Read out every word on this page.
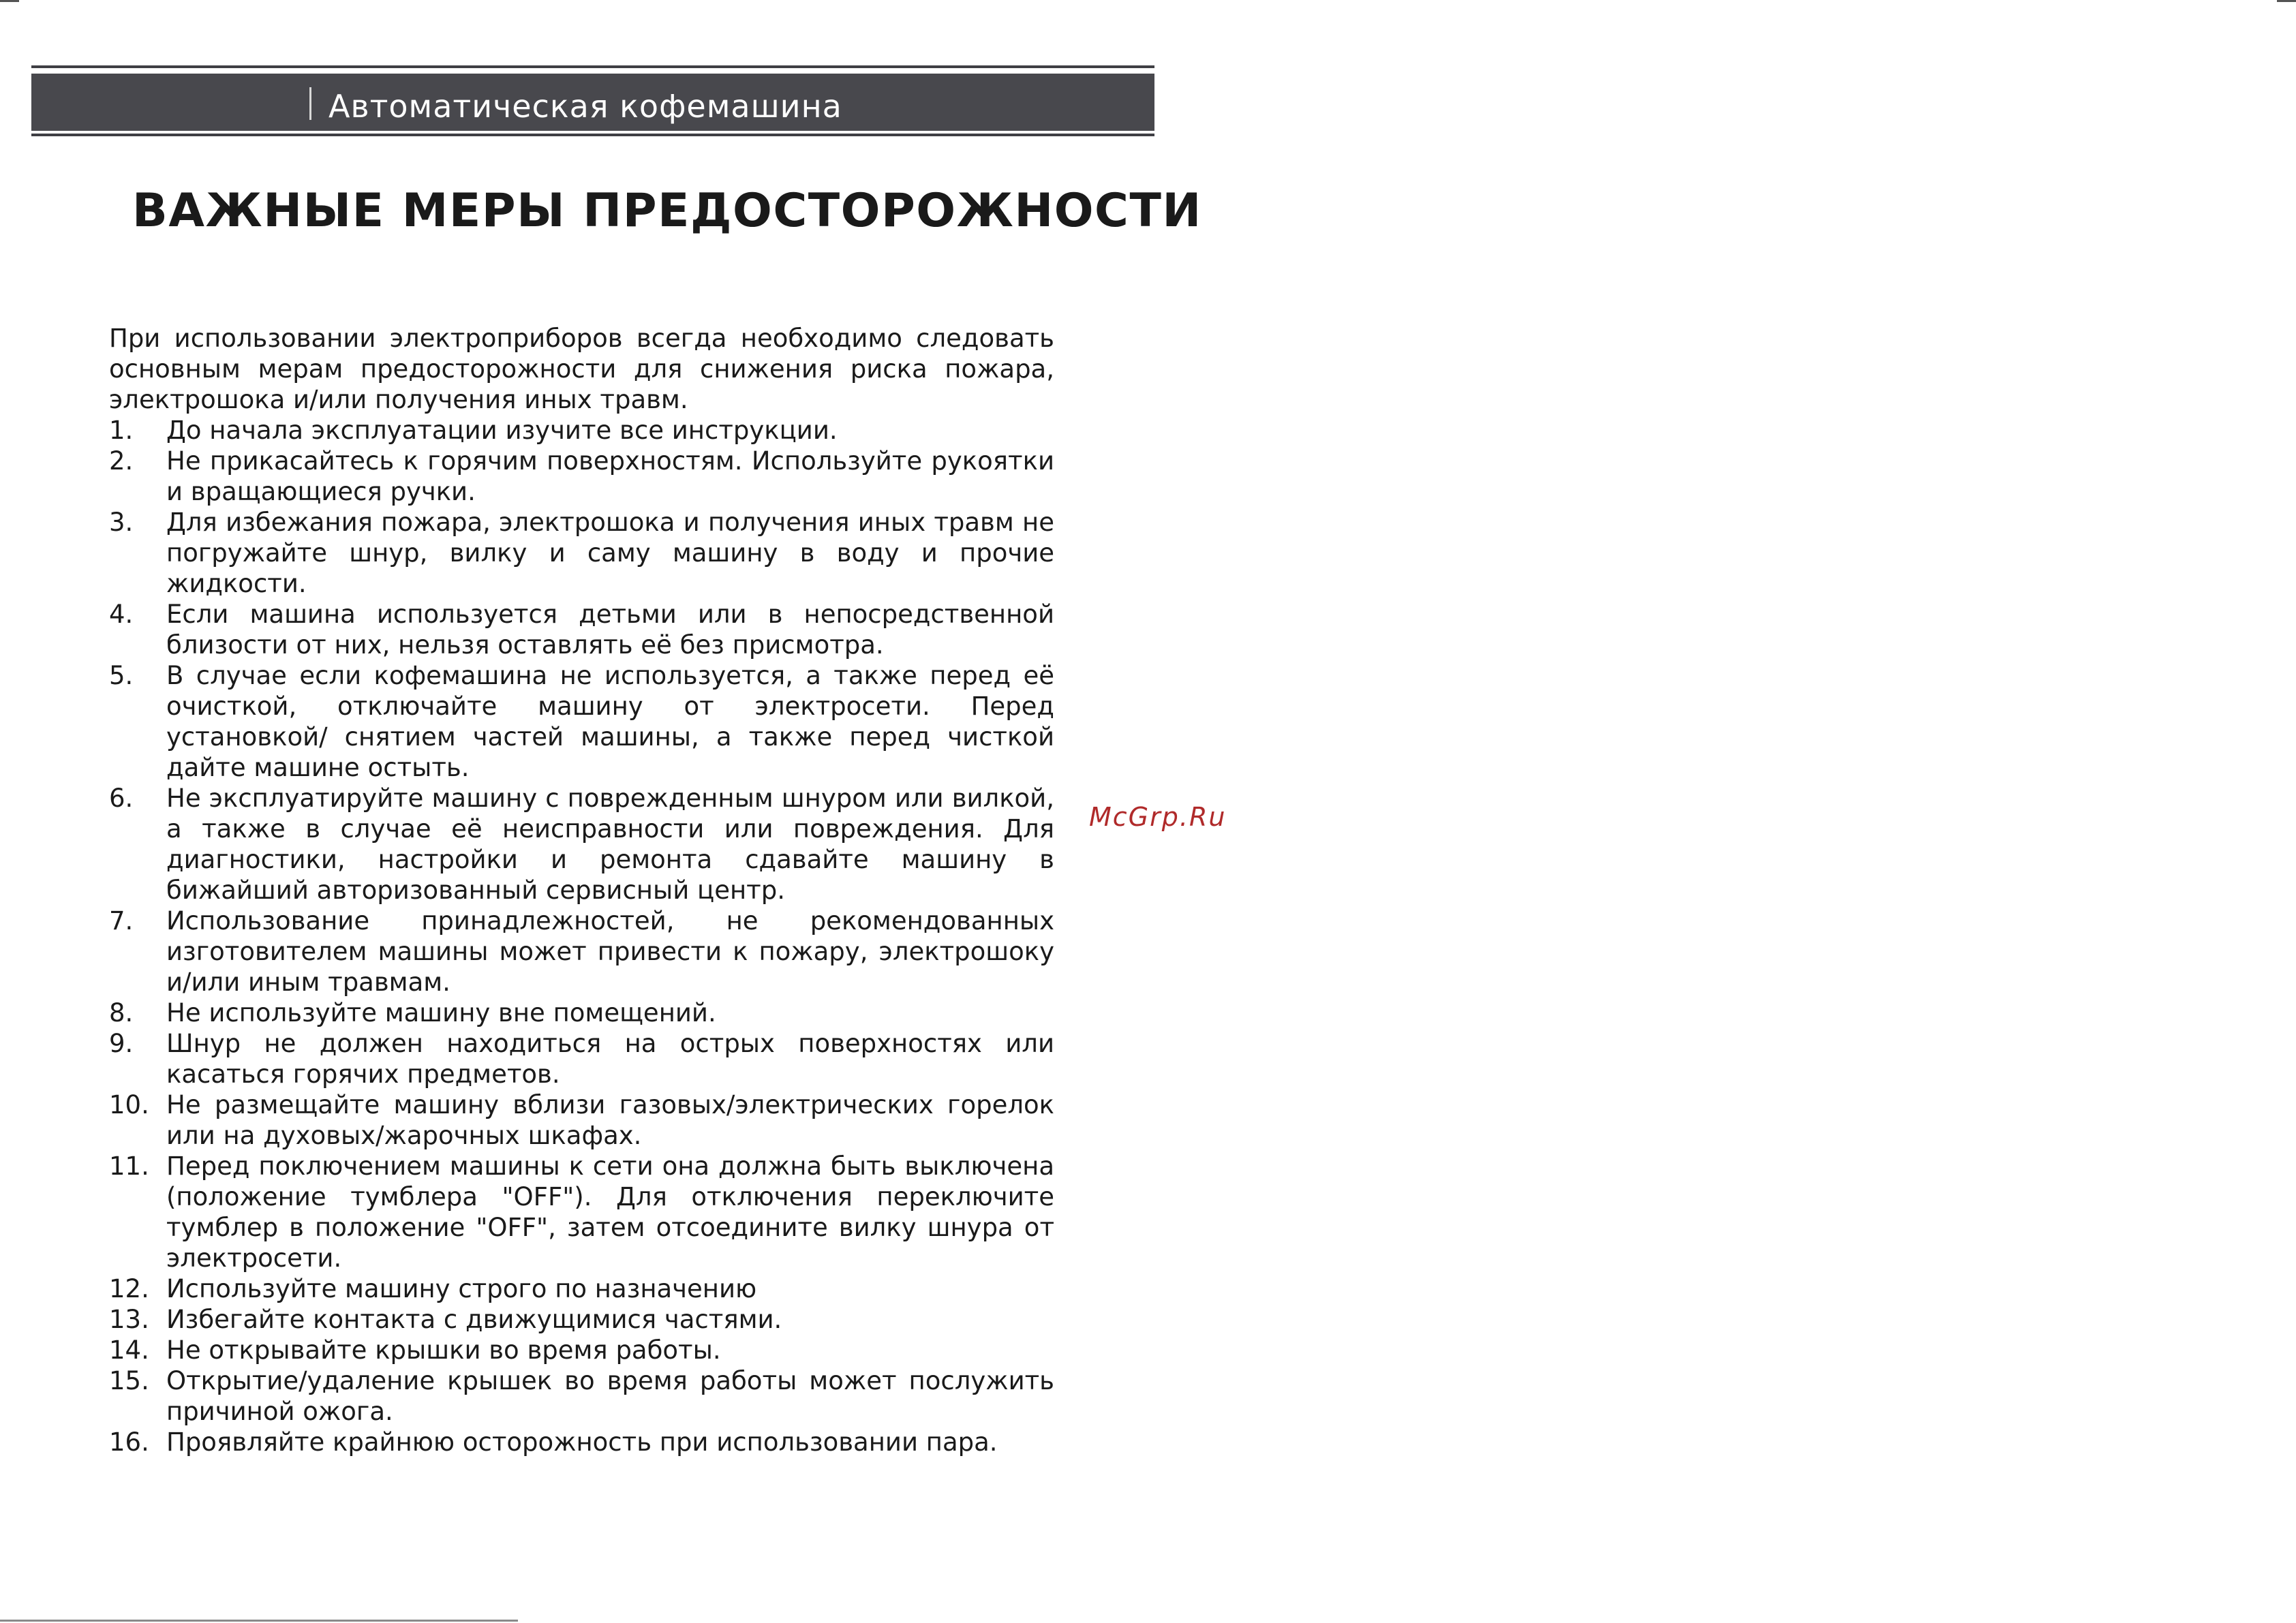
Автоматическая кофемашина
ВАЖНЫЕ МЕРЫ ПРЕДОСТОРОЖНОСТИ

При использовании электроприборов всегда необходимо следовать основным мерам предосторожности для снижения риска пожара, электрошока и/или получения иных травм.

1.	До начала эксплуатации изучите все инструкции.
2.	Не прикасайтесь к горячим поверхностям. Используйте рукоятки и вращающиеся ручки.
3.	Для избежания пожара, электрошока и получения иных травм не погружайте шнур, вилку и саму машину в воду и прочие жидкости.
4.	Если машина используется детьми или в непосредственной близости от них, нельзя оставлять её без присмотра.
5.	В случае если кофемашина не используется, а также перед её очисткой, отключайте машину от электросети. Перед установкой/ снятием частей машины, а также перед чисткой дайте машине остыть.
6.	Не эксплуатируйте машину с поврежденным шнуром или вилкой, а также в случае её неисправности или повреждения. Для диагностики, настройки и ремонта сдавайте машину в бижайший авторизованный сервисный центр.
7.	Использование принадлежностей, не рекомендованных изготовителем машины может привести к пожару, электрошоку и/или иным травмам.
8.	Не используйте машину вне помещений.
9.	Шнур не должен находиться на острых поверхностях или касаться горячих предметов.
10. Не размещайте машину вблизи газовых/электрических горелок или на духовых/жарочных шкафах.
11. Перед поключением машины к сети она должна быть выключена (положение тумблера "OFF"). Для отключения переключите тумблер в положение "OFF", затем отсоедините вилку шнура от электросети.
12. Используйте машину строго по назначению
13. Избегайте контакта с движущимися частями.
14. Не открывайте крышки во время работы.
15. Открытие/удаление крышек во время работы может послужить причиной ожога.
16. Проявляйте крайнюю осторожность при использовании пара.
McGrp.Ru
